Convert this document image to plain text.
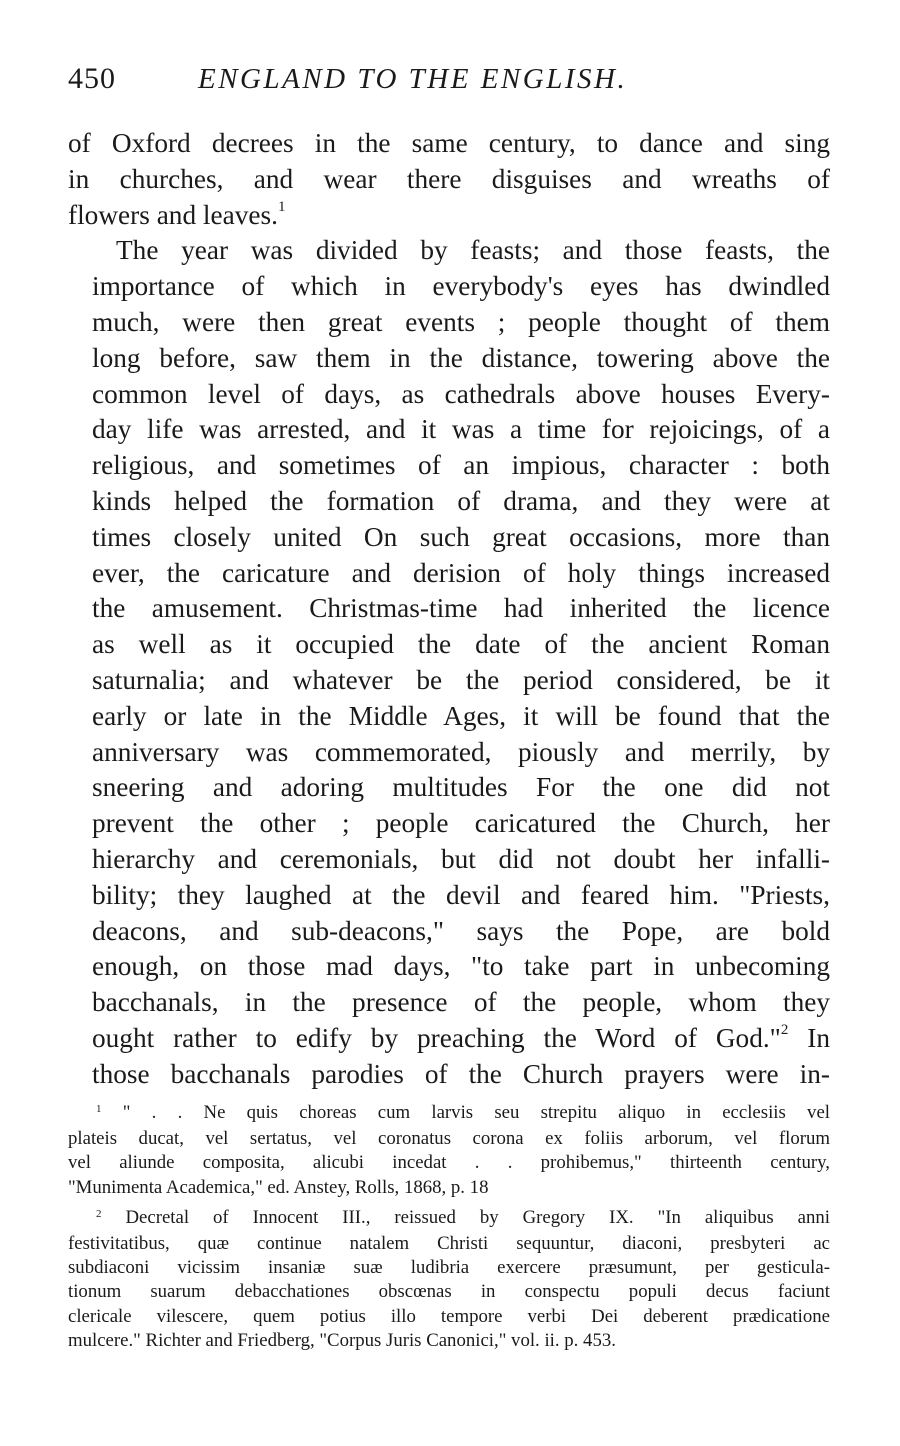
450	ENGLAND TO THE ENGLISH.

of Oxford decrees in the same century, to dance and sing
in churches, and wear there disguises and wreaths of
flowers and leaves.$^1$

The year was divided by feasts; and those feasts, the
importance of which in everybody's eyes has dwindled
much, were then great events ; people thought of them
long before, saw them in the distance, towering above the
common level of days, as cathedrals above houses Every-
day life was arrested, and it was a time for rejoicings, of a
religious, and sometimes of an impious, character : both
kinds helped the formation of drama, and they were at
times closely united On such great occasions, more than
ever, the caricature and derision of holy things increased
the amusement. Christmas-time had inherited the licence
as well as it occupied the date of the ancient Roman
saturnalia; and whatever be the period considered, be it
early or late in the Middle Ages, it will be found that the
anniversary was commemorated, piously and merrily, by
sneering and adoring multitudes For the one did not
prevent the other ; people caricatured the Church, her
hierarchy and ceremonials, but did not doubt her infalli-
bility; they laughed at the devil and feared him. "Priests,
deacons, and sub-deacons," says the Pope, are bold
enough, on those mad days, "to take part in unbecoming
bacchanals, in the presence of the people, whom they
ought rather to edify by preaching the Word of God."$^2$ In
those bacchanals parodies of the Church prayers were in-

$^1$ " . . Ne quis choreas cum larvis seu strepitu aliquo in ecclesiis vel
plateis ducat, vel sertatus, vel coronatus corona ex foliis arborum, vel florum
vel aliunde composita, alicubi incedat . . prohibemus," thirteenth century,
"Munimenta Academica," ed. Anstey, Rolls, 1868, p. 18
$^2$ Decretal of Innocent III., reissued by Gregory IX. "In aliquibus anni
festivitatibus, quæ continue natalem Christi sequuntur, diaconi, presbyteri ac
subdiaconi vicissim insaniæ suæ ludibria exercere præsumunt, per gesticula-
tionum suarum debacchationes obscœnas in conspectu populi decus faciunt
clericale vilescere, quem potius illo tempore verbi Dei deberent prædicatione
mulcere." Richter and Friedberg, "Corpus Juris Canonici," vol. ii. p. 453.
